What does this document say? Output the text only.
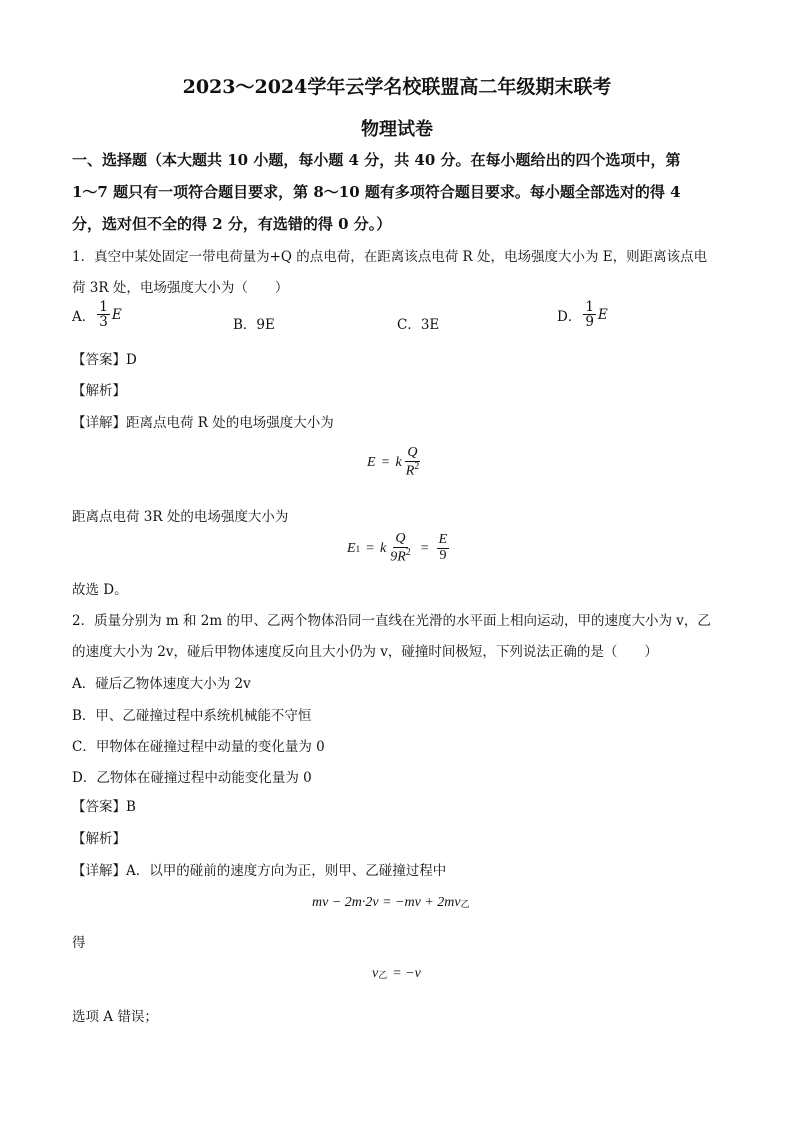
2023～2024学年云学名校联盟高二年级期末联考
物理试卷
一、选择题（本大题共 10 小题，每小题 4 分，共 40 分。在每小题给出的四个选项中，第
1～7 题只有一项符合题目要求，第 8～10 题有多项符合题目要求。每小题全部选对的得 4
分，选对但不全的得 2 分，有选错的得 0 分。）
1．真空中某处固定一带电荷量为+Q 的点电荷，在距离该点电荷 R 处，电场强度大小为 E，则距离该点电
荷 3R 处，电场强度大小为（　　）
A． $\frac{1}{3}$ E
B．9E	C．3E
D． $\frac{1}{9}$ E
【答案】D
【解析】
【详解】距离点电荷 R 处的电场强度大小为
E = k $\frac{Q}{R^2}$
距离点电荷 3R 处的电场强度大小为
E 1 = k $\frac{Q}{9R^2} = \frac{E}{9}$
故选 D。
2．质量分别为 m 和 2m 的甲、乙两个物体沿同一直线在光滑的水平面上相向运动，甲的速度大小为 v，乙
的速度大小为 2v，碰后甲物体速度反向且大小仍为 v，碰撞时间极短，下列说法正确的是（　　）
A．碰后乙物体速度大小为 2v
B．甲、乙碰撞过程中系统机械能不守恒
C．甲物体在碰撞过程中动量的变化量为 0
D．乙物体在碰撞过程中动能变化量为 0
【答案】B
【解析】
【详解】A．以甲的碰前的速度方向为正，则甲、乙碰撞过程中
mv − 2m·2v = −mv + 2mv 乙
得
v 乙 = −v
选项 A 错误；
